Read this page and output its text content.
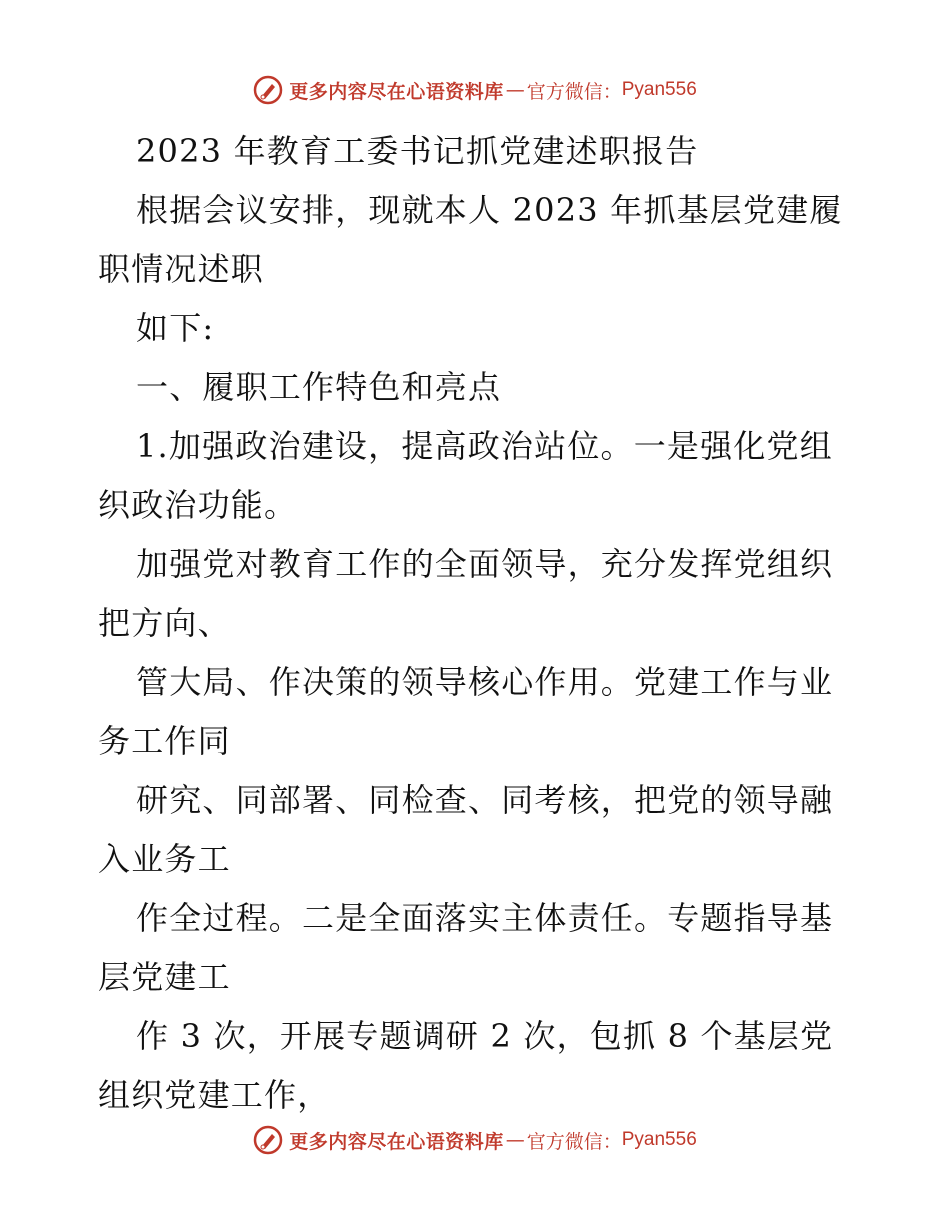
更多内容尽在心语资料库 — 官方微信： Pyan556
2023 年教育工委书记抓党建述职报告
根据会议安排，现就本人 2023 年抓基层党建履
职情况述职
如下:
一、履职工作特色和亮点
1.加强政治建设，提高政治站位。一是强化党组
织政治功能。
加强党对教育工作的全面领导，充分发挥党组织
把方向、
管大局、作决策的领导核心作用。党建工作与业
务工作同
研究、同部署、同检查、同考核，把党的领导融
入业务工
作全过程。二是全面落实主体责任。专题指导基
层党建工
作 3 次，开展专题调研 2 次，包抓 8 个基层党
组织党建工作，
更多内容尽在心语资料库 — 官方微信： Pyan556
